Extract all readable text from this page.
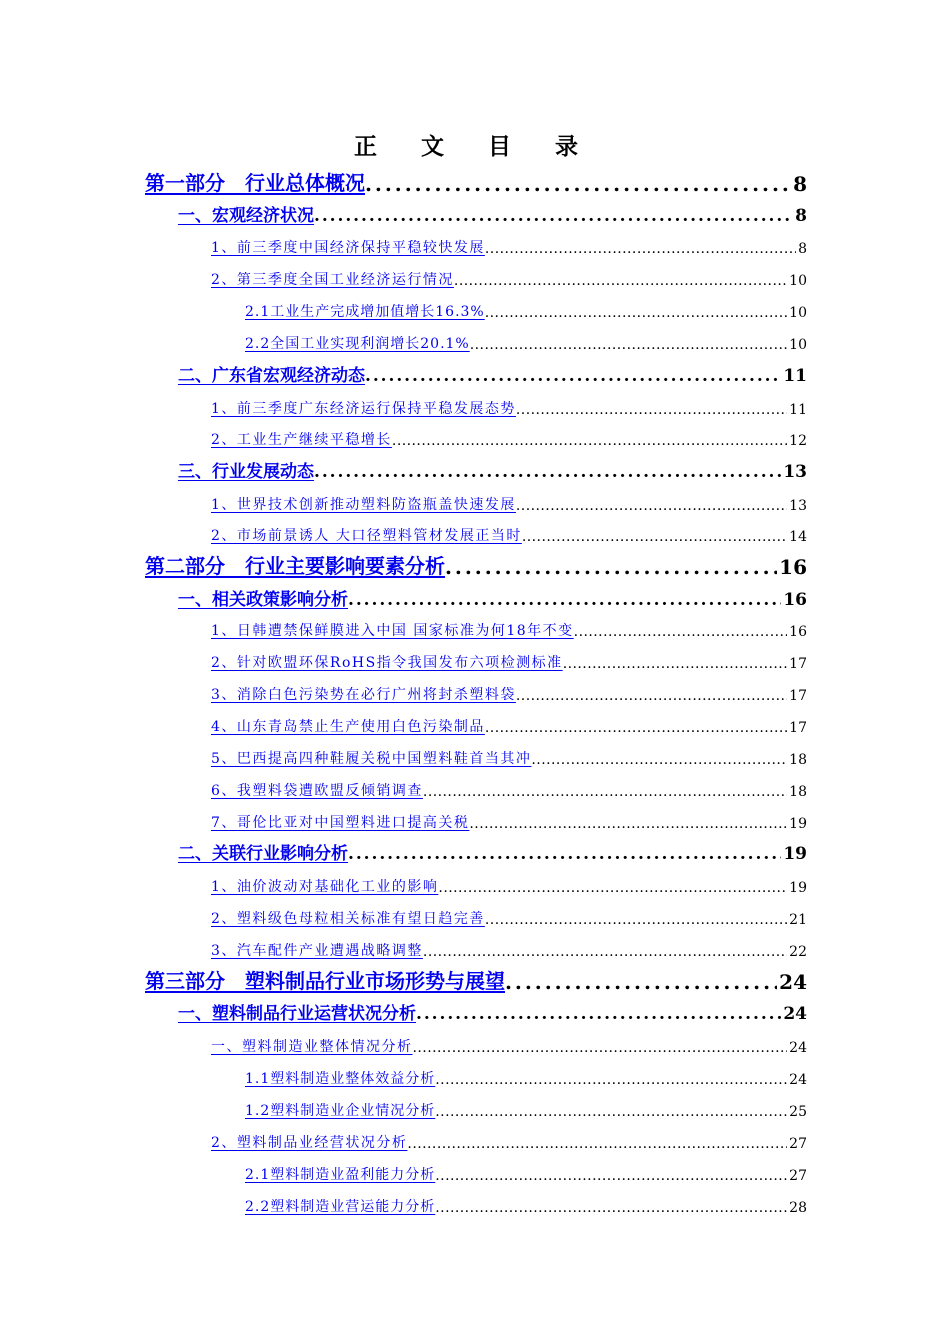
正 文 目 录
第一部分　行业总体概况 . . .	8
一、宏观经济状况 . . .	8
1、前三季度中国经济保持平稳较快发展 . . .	8
2、第三季度全国工业经济运行情况 . . .	10
2.1工业生产完成增加值增长16.3% . . .	10
2.2全国工业实现利润增长20.1% . . .	10
二、广东省宏观经济动态 . . .	11
1、前三季度广东经济运行保持平稳发展态势 . . .	11
2、工业生产继续平稳增长 . . .	12
三、行业发展动态 . . .	13
1、世界技术创新推动塑料防盗瓶盖快速发展 . . .	13
2、市场前景诱人 大口径塑料管材发展正当时 . . .	14
第二部分　行业主要影响要素分析 . . .	16
一、相关政策影响分析 . . .	16
1、日韩遭禁保鲜膜进入中国 国家标准为何18年不变 . . .	16
2、针对欧盟环保RoHS指令我国发布六项检测标准 . . .	17
3、消除白色污染势在必行广州将封杀塑料袋 . . .	17
4、山东青岛禁止生产使用白色污染制品 . . .	17
5、巴西提高四种鞋履关税中国塑料鞋首当其冲 . . .	18
6、我塑料袋遭欧盟反倾销调查 . . .	18
7、哥伦比亚对中国塑料进口提高关税 . . .	19
二、关联行业影响分析 . . .	19
1、油价波动对基础化工业的影响 . . .	19
2、塑料级色母粒相关标准有望日趋完善 . . .	21
3、汽车配件产业遭遇战略调整 . . .	22
第三部分　塑料制品行业市场形势与展望 . . .	24
一、塑料制品行业运营状况分析 . . .	24
一、塑料制造业整体情况分析 . . .	24
1.1塑料制造业整体效益分析 . . .	24
1.2塑料制造业企业情况分析 . . .	25
2、塑料制品业经营状况分析 . . .	27
2.1塑料制造业盈利能力分析 . . .	27
2.2塑料制造业营运能力分析 . . .	28
